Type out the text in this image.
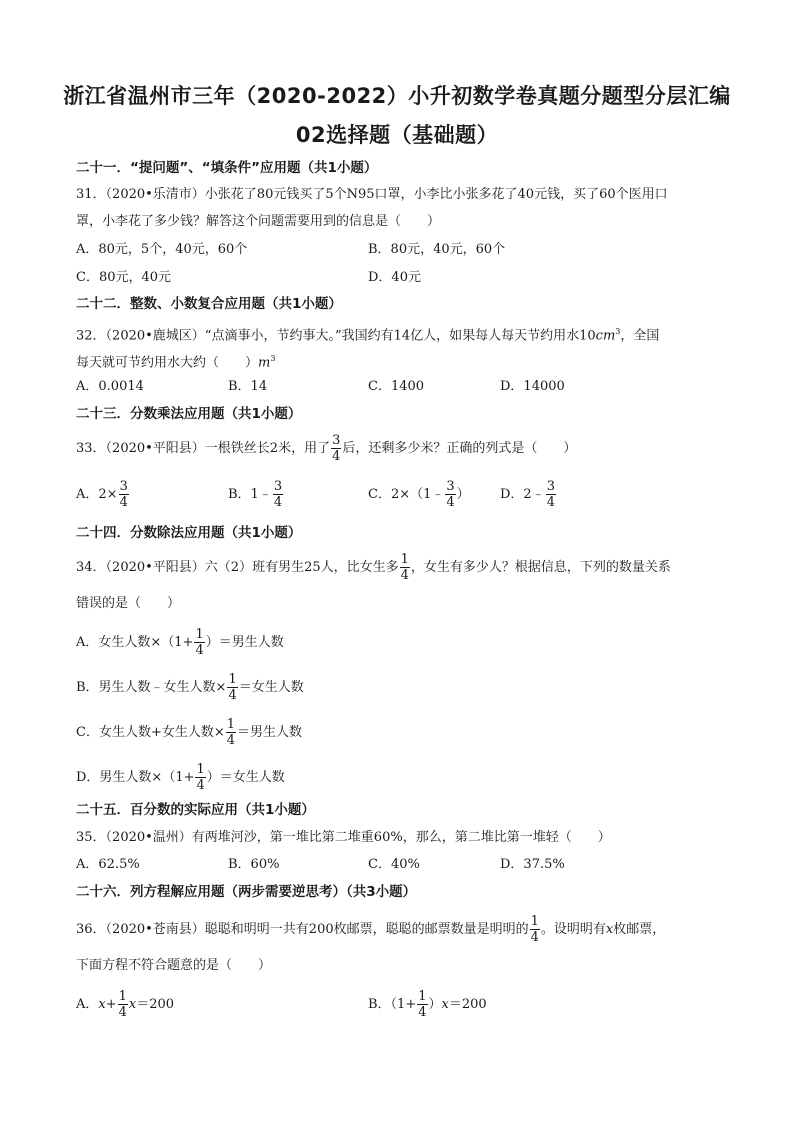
浙江省温州市三年（2020-2022）小升初数学卷真题分题型分层汇编
02选择题（基础题）
二十一．“提问题”、“填条件”应用题（共1小题）
31．（2020•乐清市）小张花了80元钱买了5个N95口罩，小李比小张多花了40元钱，买了60个医用口
罩，小李花了多少钱？解答这个问题需要用到的信息是（　　）
A．80元，5个，40元，60个	B．80元，40元，60个
C．80元，40元	D．40元
二十二．整数、小数复合应用题（共1小题）
32．（2020•鹿城区）“点滴事小，节约事大。”我国约有14亿人，如果每人每天节约用水$10cm^3$，全国
每天就可节约用水大约（　　）$m^3$
A．0.0014	B．14	C．1400	D．14000
二十三．分数乘法应用题（共1小题）
33．（2020•平阳县）一根铁丝长2米，用了 $\frac{3}{4}$ 后，还剩多少米？正确的列式是（　　）
A．$2\times \frac{3}{4}$	B．1﹣ $\frac{3}{4}$	C．2×（1﹣ $\frac{3}{4}$ ） D．2﹣ $\frac{3}{4}$
二十四．分数除法应用题（共1小题）
34．（2020•平阳县）六（2）班有男生25人，比女生多 $\frac{1}{4}$ ，女生有多少人？根据信息，下列的数量关系
错误的是（　　）
A．女生人数$\times(1+ \frac{1}{4}$ ）＝男生人数
B．男生人数﹣女生人数× $\frac{1}{4}$ ＝女生人数
C．女生人数+女生人数× $\frac{1}{4}$ ＝男生人数
D．男生人数$\times(1+ \frac{1}{4}$ ）＝女生人数
二十五．百分数的实际应用（共1小题）
35．（2020•温州）有两堆河沙，第一堆比第二堆重60%，那么，第二堆比第一堆轻（　　）
A．62.5%	B．60%	C．40%	D．37.5%
二十六．列方程解应用题（两步需要逆思考）（共3小题）
36．（2020•苍南县）聪聪和明明一共有200枚邮票，聪聪的邮票数量是明明的 $\frac{1}{4}$ 。设明明有x枚邮票，
下面方程不符合题意的是（　　）
A．$x+ \frac{1}{4} x=200$	B．$(1+ \frac{1}{4} )x=200$
